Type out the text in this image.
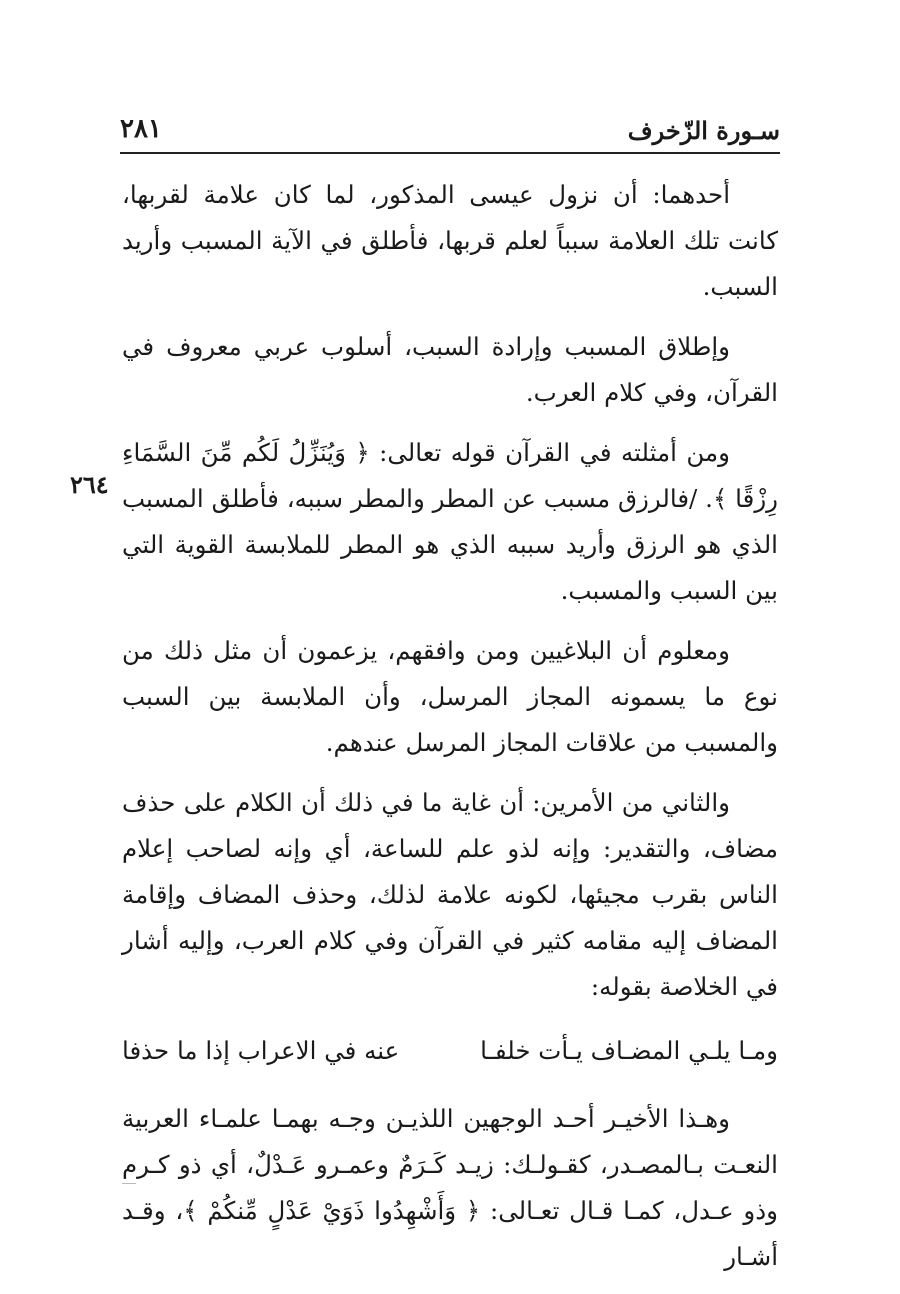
سـورة الزّخرف
٢٨١
٢٦٤

أحدهما: أن نزول عيسى المذكور، لما كان علامة لقربها، كانت تلك العلامة سبباً لعلم قربها، فأطلق في الآية المسبب وأريد السبب.

وإطلاق المسبب وإرادة السبب، أسلوب عربي معروف في القرآن، وفي كلام العرب.

ومن أمثلته في القرآن قوله تعالى: ﴿ وَيُنَزِّلُ لَكُم مِّنَ السَّمَاءِ رِزْقًا ﴾. /فالرزق مسبب عن المطر والمطر سببه، فأطلق المسبب الذي هو الرزق وأريد سببه الذي هو المطر للملابسة القوية التي بين السبب والمسبب.

ومعلوم أن البلاغيين ومن وافقهم، يزعمون أن مثل ذلك من نوع ما يسمونه المجاز المرسل، وأن الملابسة بين السبب والمسبب من علاقات المجاز المرسل عندهم.

والثاني من الأمرين: أن غاية ما في ذلك أن الكلام على حذف مضاف، والتقدير: وإنه لذو علم للساعة، أي وإنه لصاحب إعلام الناس بقرب مجيئها، لكونه علامة لذلك، وحذف المضاف وإقامة المضاف إليه مقامه كثير في القرآن وفي كلام العرب، وإليه أشار في الخلاصة بقوله:

ومـا يلـي المضـاف يـأت خلفـا
عنه في الاعراب إذا ما حذفا

وهـذا الأخيـر أحـد الوجهين اللذيـن وجـه بهمـا علمـاء العربية النعـت بـالمصـدر، كقـولـك: زيـد كَـرَمٌ وعمـرو عَـدْلٌ، أي ذو كـرم وذو عـدل، كمـا قـال تعـالى: ﴿ وَأَشْهِدُوا ذَوَيْ عَدْلٍ مِّنكُمْ ﴾، وقـد أشـار
